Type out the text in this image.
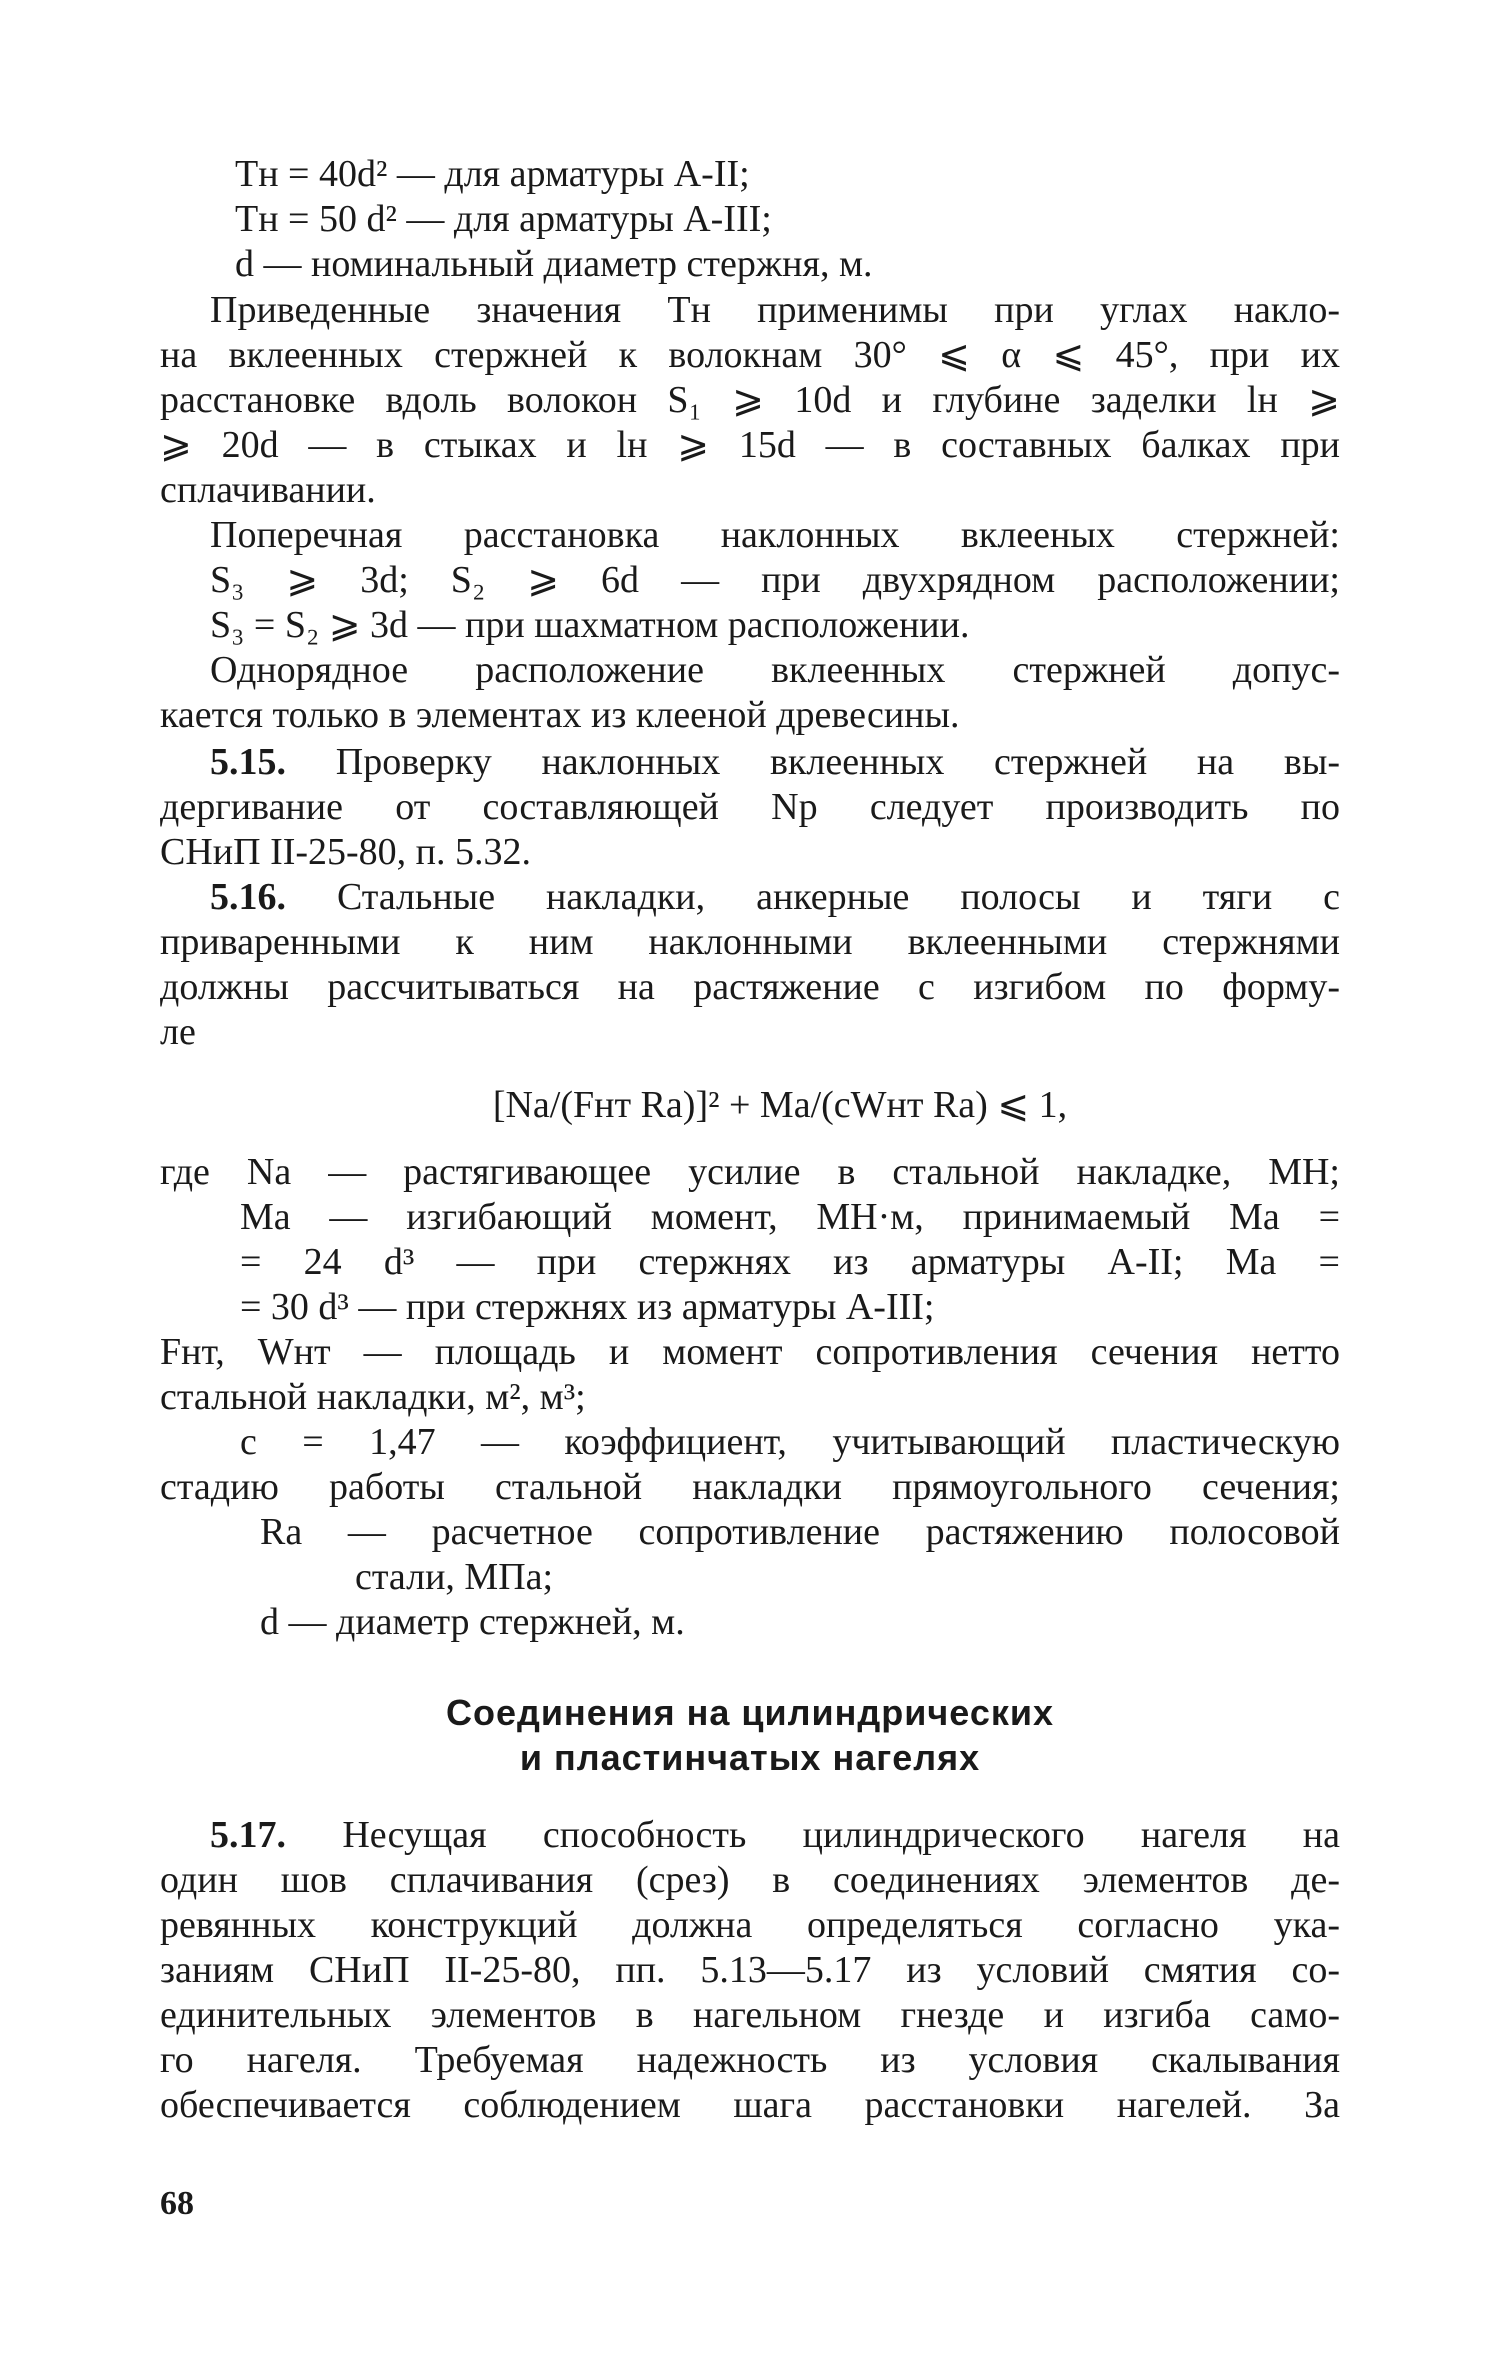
Tн = 40d² — для арматуры А-II;
Tн = 50 d² — для арматуры А-III;
d — номинальный диаметр стержня, м.
Приведенные значения Tн применимы при углах накло-
на вклеенных стержней к волокнам 30° ⩽ α ⩽ 45°, при их
расстановке вдоль волокон S₁ ⩾ 10d и глубине заделки lн ⩾
⩾ 20d — в стыках и lн ⩾ 15d — в составных балках при
сплачивании.
Поперечная расстановка наклонных вклееных стержней:
S₃ ⩾ 3d; S₂ ⩾ 6d — при двухрядном расположении;
S₃ = S₂ ⩾ 3d — при шахматном расположении.
Однорядное расположение вклеенных стержней допус-
кается только в элементах из клееной древесины.
5.15. Проверку наклонных вклеенных стержней на вы-
дергивание от составляющей Nр следует производить по
СНиП II-25-80, п. 5.32.
5.16. Стальные накладки, анкерные полосы и тяги с
приваренными к ним наклонными вклеенными стержнями
должны рассчитываться на растяжение с изгибом по форму-
ле
[Nа/(Fнт Rа)]² + Mа/(cWнт Rа) ⩽ 1,
где Nа — растягивающее усилие в стальной накладке, МН;
Mа — изгибающий момент, МН·м, принимаемый Mа =
= 24 d³ — при стержнях из арматуры А-II; Mа =
= 30 d³ — при стержнях из арматуры А-III;
Fнт, Wнт — площадь и момент сопротивления сечения нетто
стальной накладки, м², м³;
c = 1,47 — коэффициент, учитывающий пластическую
стадию работы стальной накладки прямоугольного сечения;
Rа — расчетное сопротивление растяжению полосовой
стали, МПа;
d — диаметр стержней, м.
Соединения на цилиндрических
и пластинчатых нагелях
5.17. Несущая способность цилиндрического нагеля на
один шов сплачивания (срез) в соединениях элементов де-
ревянных конструкций должна определяться согласно ука-
заниям СНиП II-25-80, пп. 5.13—5.17 из условий смятия со-
единительных элементов в нагельном гнезде и изгиба само-
го нагеля. Требуемая надежность из условия скалывания
обеспечивается соблюдением шага расстановки нагелей. За
68
